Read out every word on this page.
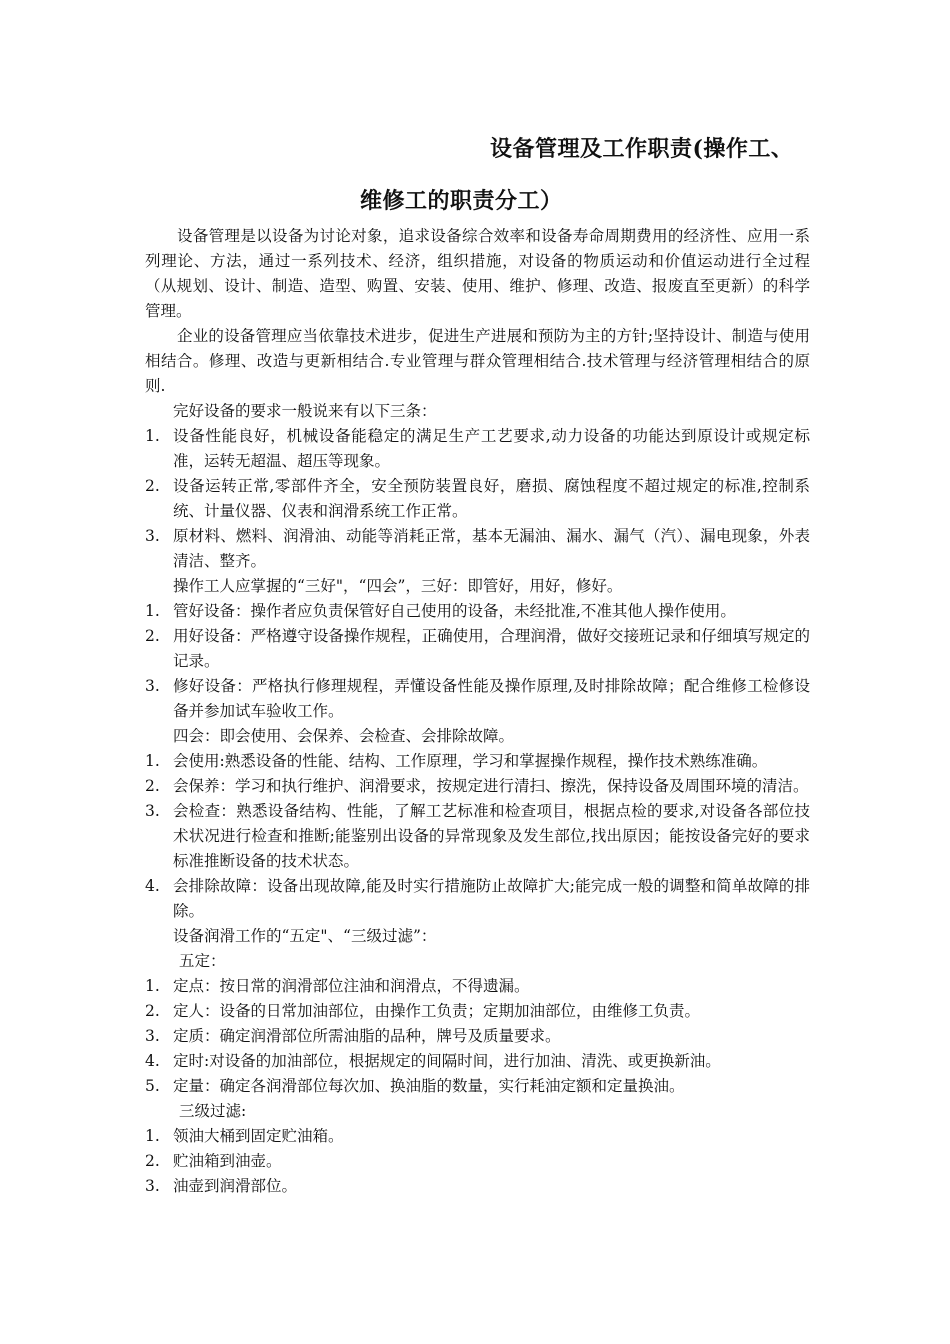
设备管理及工作职责(操作工、
维修工的职责分工）

设备管理是以设备为讨论对象，追求设备综合效率和设备寿命周期费用的经济性、应用一系列理论、方法，通过一系列技术、经济，组织措施，对设备的物质运动和价值运动进行全过程（从规划、设计、制造、造型、购置、安装、使用、维护、修理、改造、报废直至更新）的科学管理。

企业的设备管理应当依靠技术进步，促进生产进展和预防为主的方针;坚持设计、制造与使用相结合。修理、改造与更新相结合.专业管理与群众管理相结合.技术管理与经济管理相结合的原则.

完好设备的要求一般说来有以下三条：

1. 设备性能良好，机械设备能稳定的满足生产工艺要求,动力设备的功能达到原设计或规定标准，运转无超温、超压等现象。
2. 设备运转正常,零部件齐全，安全预防装置良好，磨损、腐蚀程度不超过规定的标准,控制系统、计量仪器、仪表和润滑系统工作正常。
3. 原材料、燃料、润滑油、动能等消耗正常，基本无漏油、漏水、漏气（汽）、漏电现象，外表清洁、整齐。

操作工人应掌握的“三好"，“四会”，三好：即管好，用好，修好。

1. 管好设备：操作者应负责保管好自己使用的设备，未经批准,不准其他人操作使用。
2. 用好设备：严格遵守设备操作规程，正确使用，合理润滑，做好交接班记录和仔细填写规定的记录。
3. 修好设备：严格执行修理规程，弄懂设备性能及操作原理,及时排除故障；配合维修工检修设备并参加试车验收工作。

四会：即会使用、会保养、会检查、会排除故障。

1. 会使用:熟悉设备的性能、结构、工作原理，学习和掌握操作规程，操作技术熟练准确。
2. 会保养：学习和执行维护、润滑要求，按规定进行清扫、擦洗，保持设备及周围环境的清洁。
3. 会检查：熟悉设备结构、性能，了解工艺标准和检查项目，根据点检的要求,对设备各部位技术状况进行检查和推断;能鉴别出设备的异常现象及发生部位,找出原因；能按设备完好的要求标准推断设备的技术状态。
4. 会排除故障：设备出现故障,能及时实行措施防止故障扩大;能完成一般的调整和简单故障的排除。

设备润滑工作的“五定"、“三级过滤”：

五定：

1. 定点：按日常的润滑部位注油和润滑点，不得遗漏。
2. 定人：设备的日常加油部位，由操作工负责；定期加油部位，由维修工负责。
3. 定质：确定润滑部位所需油脂的品种，牌号及质量要求。
4. 定时:对设备的加油部位，根据规定的间隔时间，进行加油、清洗、或更换新油。
5. 定量：确定各润滑部位每次加、换油脂的数量，实行耗油定额和定量换油。

三级过滤:

1. 领油大桶到固定贮油箱。
2. 贮油箱到油壶。
3. 油壶到润滑部位。
